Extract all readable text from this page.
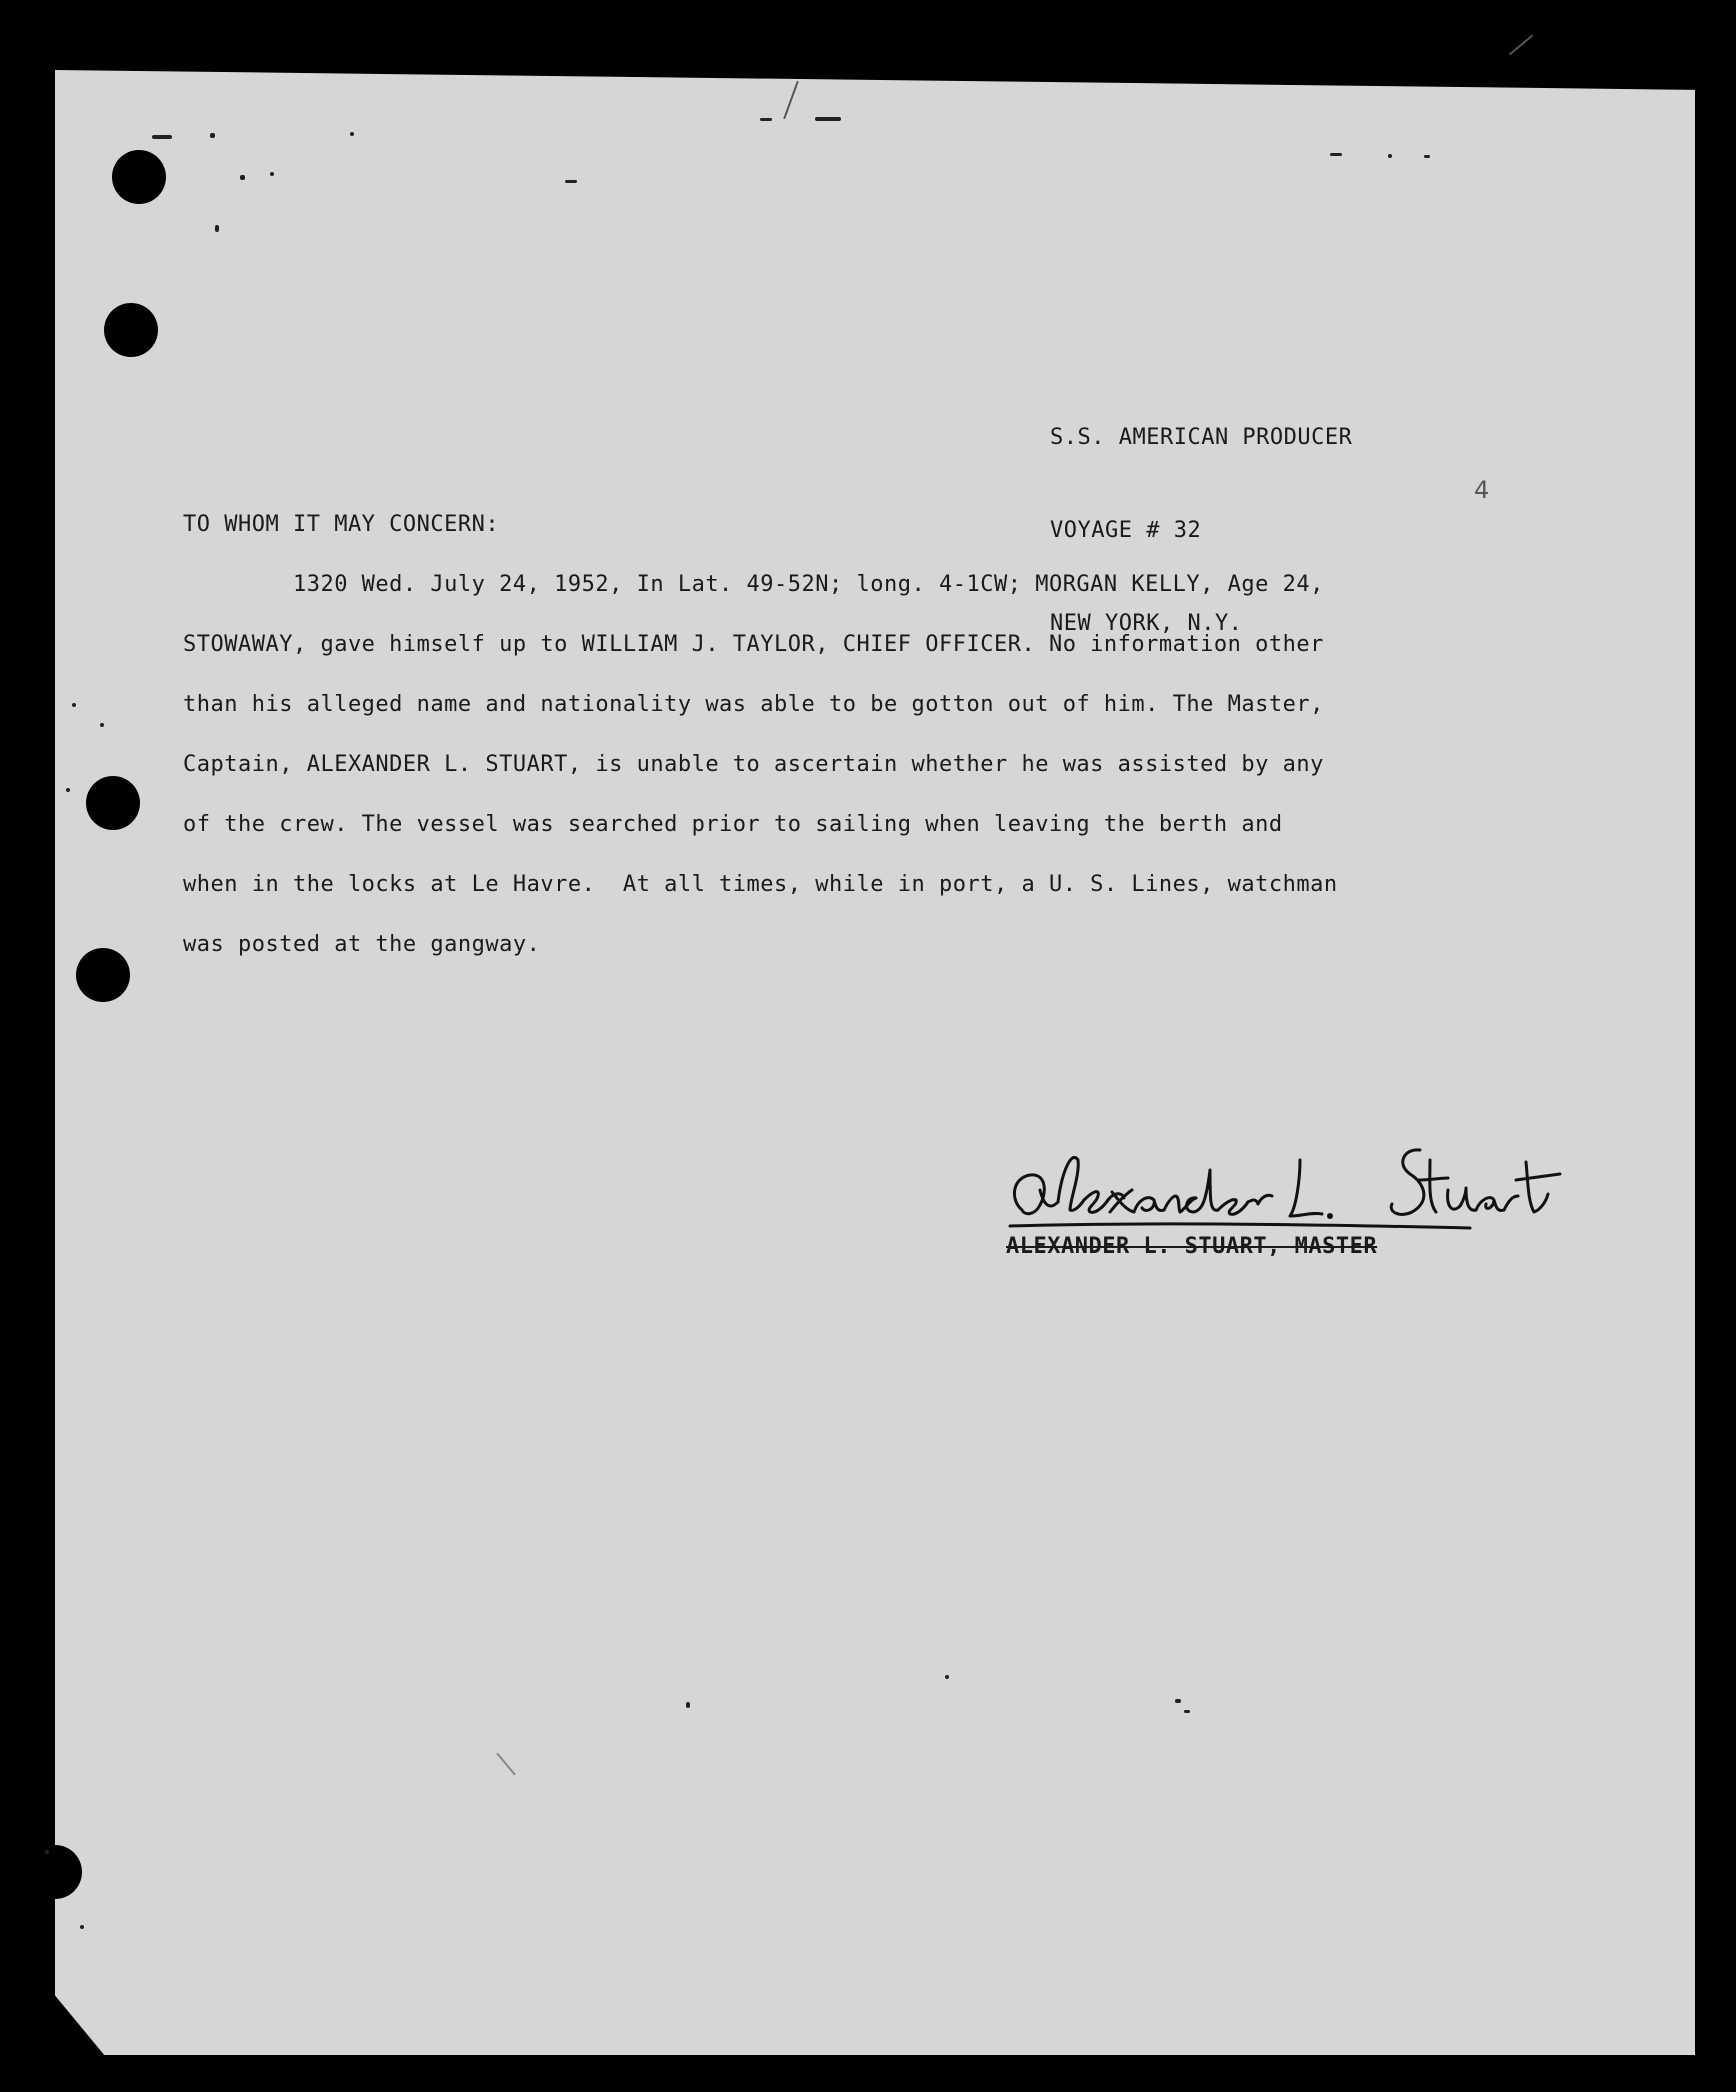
S.S. AMERICAN PRODUCER

VOYAGE # 32

NEW YORK, N.Y.

4
TO WHOM IT MAY CONCERN:
1320 Wed. July 24, 1952, In Lat. 49-52N; long. 4-1CW; MORGAN KELLY, Age 24,
STOWAWAY, gave himself up to WILLIAM J. TAYLOR, CHIEF OFFICER. No information other
than his alleged name and nationality was able to be gotton out of him. The Master,
Captain, ALEXANDER L. STUART, is unable to ascertain whether he was assisted by any
of the crew. The vessel was searched prior to sailing when leaving the berth and
when in the locks at Le Havre.  At all times, while in port, a U. S. Lines, watchman
was posted at the gangway.
ALEXANDER L. STUART, MASTER
